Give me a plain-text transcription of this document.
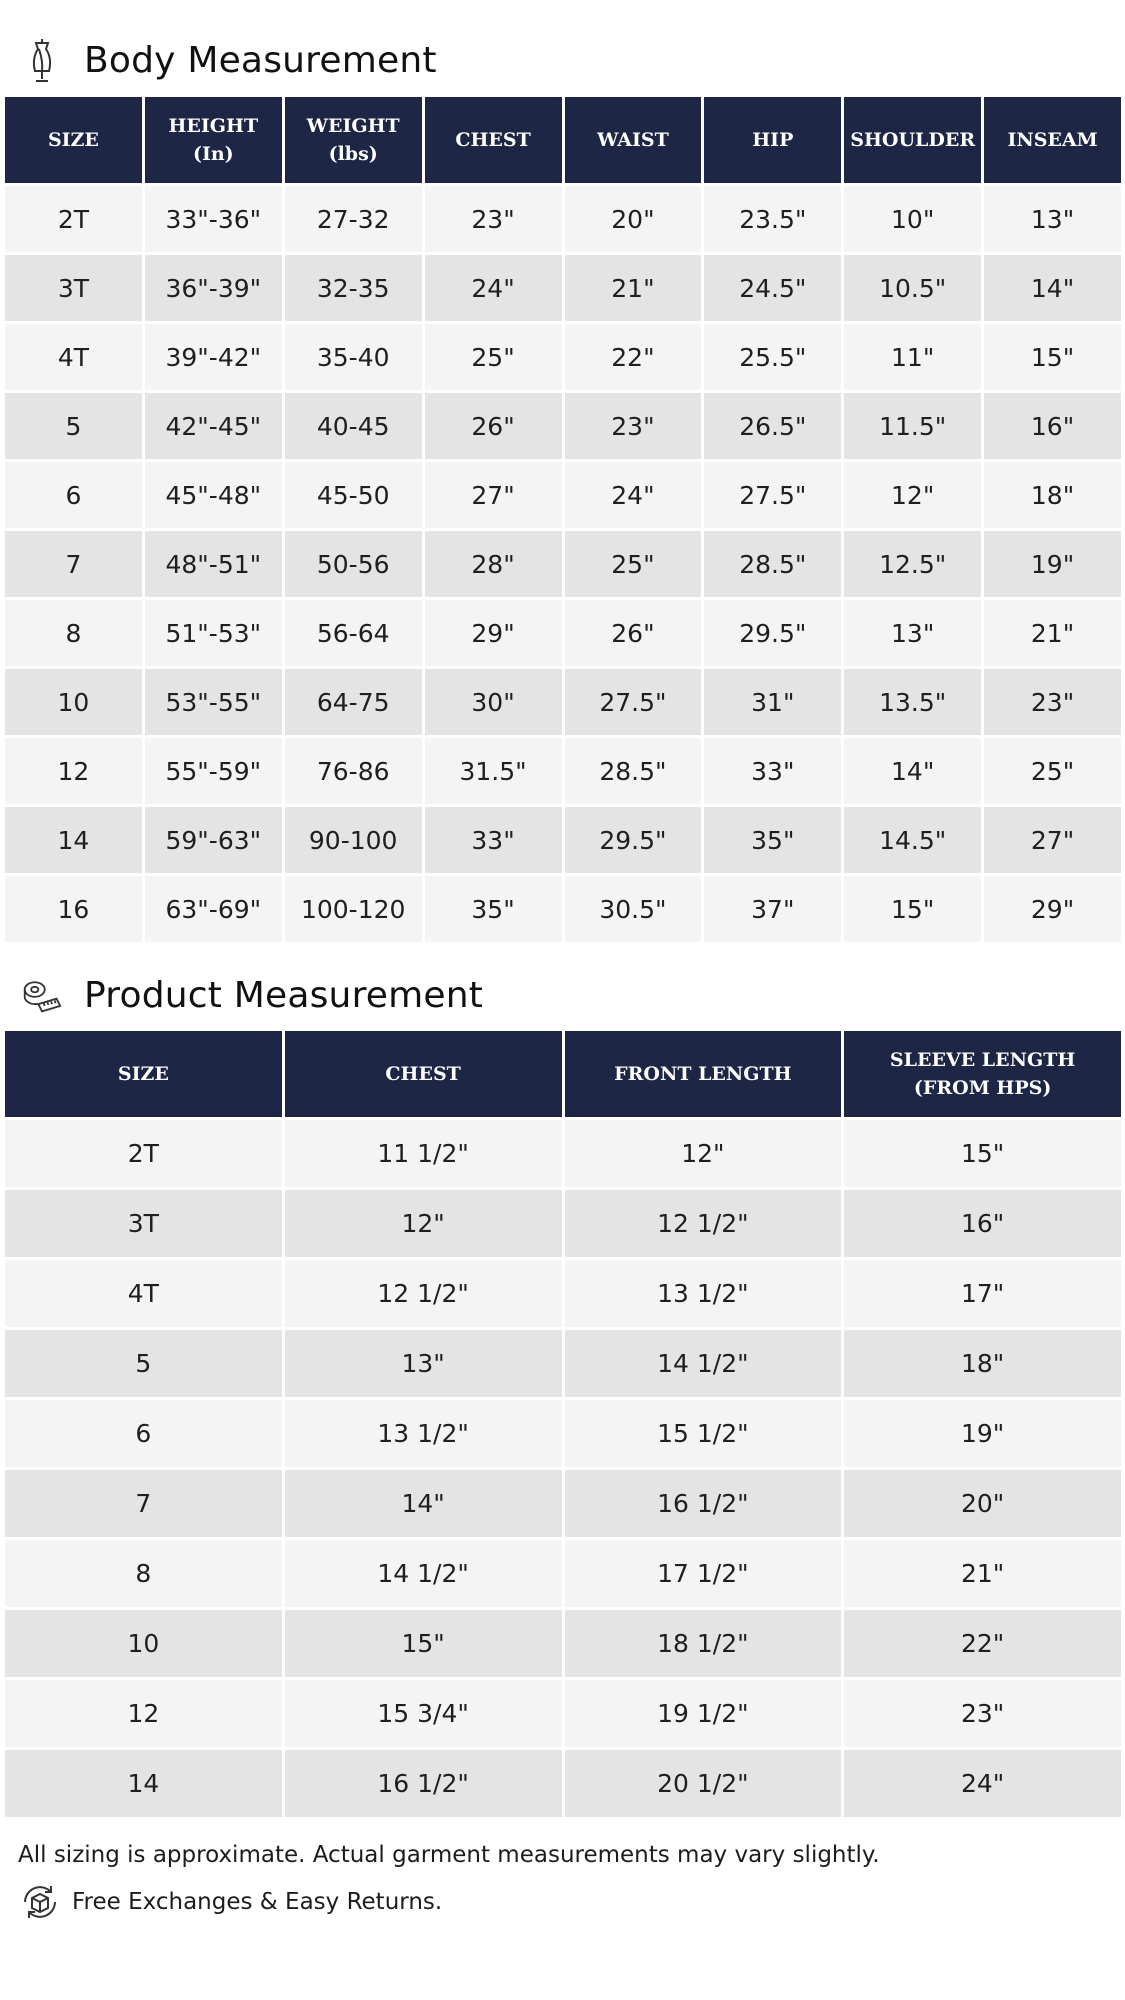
Body Measurement
SIZE	HEIGHT (In)	WEIGHT (lbs)	CHEST	WAIST	HIP	SHOULDER	INSEAM
2T	33"-36"	27-32	23"	20"	23.5"	10"	13"
3T	36"-39"	32-35	24"	21"	24.5"	10.5"	14"
4T	39"-42"	35-40	25"	22"	25.5"	11"	15"
5	42"-45"	40-45	26"	23"	26.5"	11.5"	16"
6	45"-48"	45-50	27"	24"	27.5"	12"	18"
7	48"-51"	50-56	28"	25"	28.5"	12.5"	19"
8	51"-53"	56-64	29"	26"	29.5"	13"	21"
10	53"-55"	64-75	30"	27.5"	31"	13.5"	23"
12	55"-59"	76-86	31.5"	28.5"	33"	14"	25"
14	59"-63"	90-100	33"	29.5"	35"	14.5"	27"
16	63"-69"	100-120	35"	30.5"	37"	15"	29"
Product Measurement
SIZE	CHEST	FRONT LENGTH	SLEEVE LENGTH (FROM HPS)
2T	11 1/2"	12"	15"
3T	12"	12 1/2"	16"
4T	12 1/2"	13 1/2"	17"
5	13"	14 1/2"	18"
6	13 1/2"	15 1/2"	19"
7	14"	16 1/2"	20"
8	14 1/2"	17 1/2"	21"
10	15"	18 1/2"	22"
12	15 3/4"	19 1/2"	23"
14	16 1/2"	20 1/2"	24"
All sizing is approximate. Actual garment measurements may vary slightly.
Free Exchanges & Easy Returns.
